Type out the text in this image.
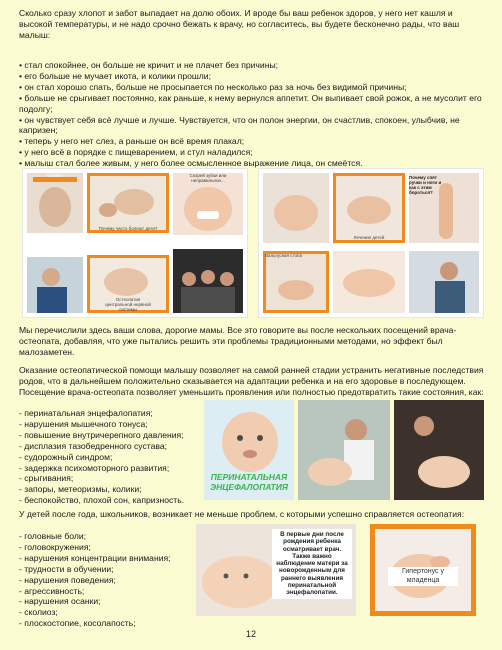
Сколько сразу хлопот и забот выпадает на долю обоих. И вроде бы ваш ребенок здоров, у него нет кашля и высокой температуры, и не надо срочно бежать к врачу, но согласитесь, вы будете бесконечно рады, что ваш малыш:

• стал спокойнее, он больше не кричит и не плачет без причины;
• его больше не мучает икота, и колики прошли;
• он стал хорошо спать, больше не просыпается по несколько раз за ночь без видимой причины;
• больше не срыгивает постоянно, как раньше, к нему вернулся аппетит. Он выпивает свой рожок, а не мусолит его подолгу;
• он чувствует себя всё лучше и лучше. Чувствуется, что он полон энергии, он счастлив, спокоен, улыбчив, не капризен;
• теперь у него нет слез, а раньше он всё время плакал;
• у него всё в порядке с пищеварением, и стул наладился;
• малыш стал более живым, у него более осмысленное выражение лица, он смеётся.
Свежее
Почему часто болеют дети?
Скорей зубки или неправильное...
Остеопатия центральной нервной системы
Лечение детей
Почему спят ручки и ноги и как с этим бороться?
Вальгусная стопа

Мы перечислили здесь ваши слова, дорогие мамы. Все это говорите вы после нескольких посещений врача-остеопата, добавляя, что уже пытались решить эти проблемы традиционными методами, но эффект был малозаметен.

Оказание остеопатической помощи малышу позволяет на самой ранней стадии устранить негативные последствия родов, что в дальнейшем положительно сказывается на адаптации ребенка и на его здоровье в последующем. Посещение врача-остеопата позволяет уменьшить проявления или полностью предотвратить такие состояния, как:

- перинатальная энцефалопатия;
- нарушения мышечного тонуса;
- повышение внутричерепного давления;
- дисплазия тазобедренного сустава;
- судорожный синдром;
- задержка психомоторного развития;
- срыгивания;
- запоры, метеоризмы, колики;
- беспокойство, плохой сон, капризность.
ПЕРИНАТАЛЬНАЯ
ЭНЦЕФАЛОПАТИЯ

У детей после года, школьников, возникает не меньше проблем, с которыми успешно справляется остеопатия:

- головные боли;
- головокружения;
- нарушения концентрации внимания;
- трудности в обучении;
- нарушения поведения;
- агрессивность;
- нарушения осанки;
- сколиоз;
- плоскостопие, косолапость;
В первые дни после рождения ребенка осматривает врач. Также важно наблюдение матери за новорожденным для раннего выявления перинатальной энцефалопатии.
Гипертонус у младенца
12
